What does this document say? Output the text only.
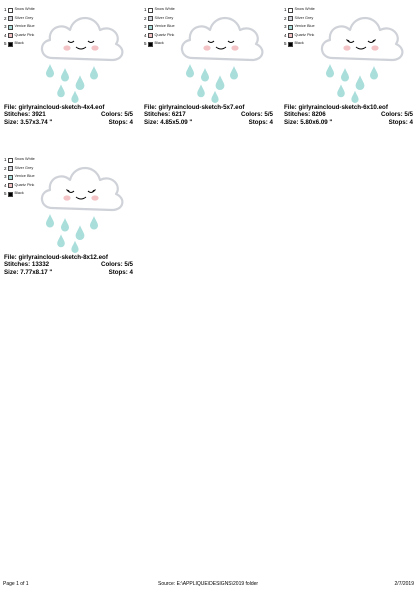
1 Snow White
2 Silver Grey
3 Venice Blue
4 Quartz Pink
5 Black
File: girlyraincloud-sketch-4x4.eof
Stitches: 3921	Colors: 5/5
Size: 3.57x3.74 "	Stops: 4
1 Snow White
2 Silver Grey
3 Venice Blue
4 Quartz Pink
5 Black
File: girlyraincloud-sketch-5x7.eof
Stitches: 6217	Colors: 5/5
Size: 4.85x5.09 "	Stops: 4
1 Snow White
2 Silver Grey
3 Venice Blue
4 Quartz Pink
5 Black
File: girlyraincloud-sketch-6x10.eof
Stitches: 8206	Colors: 5/5
Size: 5.80x6.09 "	Stops: 4
1 Snow White
2 Silver Grey
3 Venice Blue
4 Quartz Pink
5 Black
File: girlyraincloud-sketch-8x12.eof
Stitches: 13332	Colors: 5/5
Size: 7.77x8.17 "	Stops: 4
Page 1 of 1	Source: E:\APPLIQUE\DESIGNS\2019 folder	2/7/2019
